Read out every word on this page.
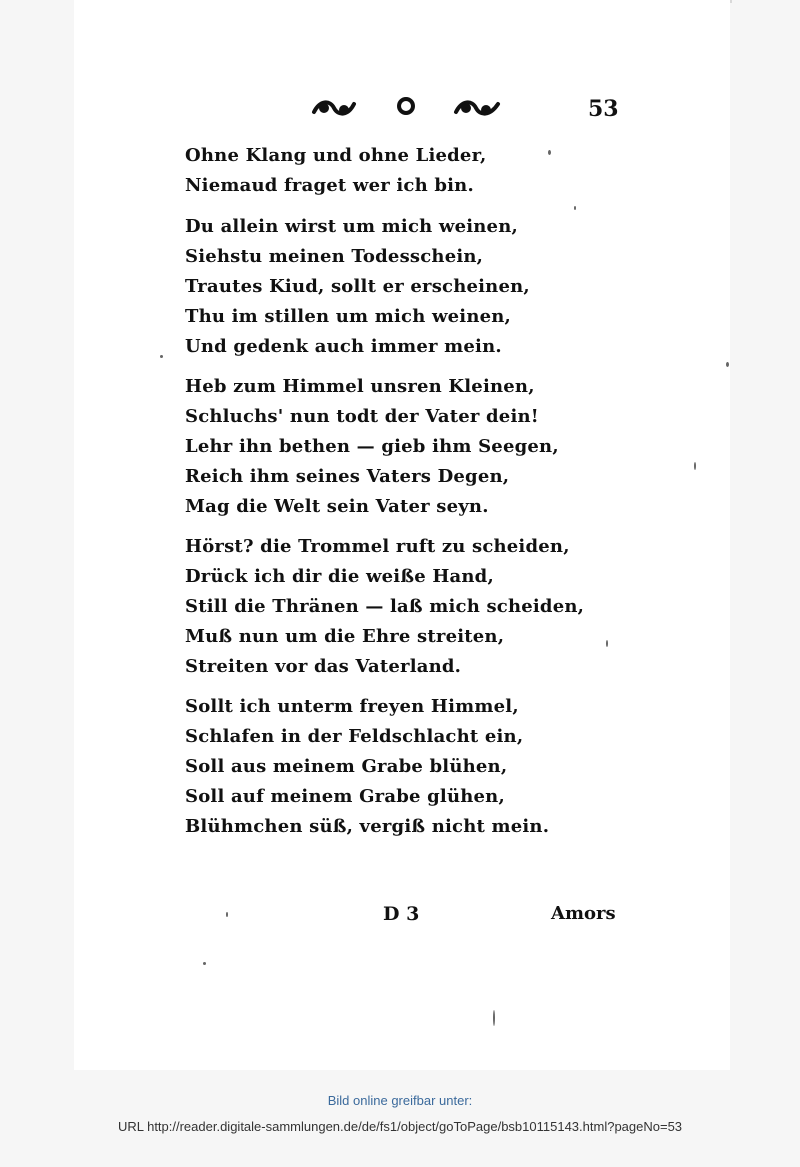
53
Ohne Klang und ohne Lieder,
Niemaud fraget wer ich bin.
Du allein wirst um mich weinen,
Siehstu meinen Todesschein,
Trautes Kiud, sollt er erscheinen,
Thu im stillen um mich weinen,
Und gedenk auch immer mein.
Heb zum Himmel unsren Kleinen,
Schluchs' nun todt der Vater dein!
Lehr ihn bethen — gieb ihm Seegen,
Reich ihm seines Vaters Degen,
Mag die Welt sein Vater seyn.
Hörst? die Trommel ruft zu scheiden,
Drück ich dir die weiße Hand,
Still die Thränen — laß mich scheiden,
Muß nun um die Ehre streiten,
Streiten vor das Vaterland.
Sollt ich unterm freyen Himmel,
Schlafen in der Feldschlacht ein,
Soll aus meinem Grabe blühen,
Soll auf meinem Grabe glühen,
Blühmchen süß, vergiß nicht mein.
D 3	Amors
Bild online greifbar unter:
URL http://reader.digitale-sammlungen.de/de/fs1/object/goToPage/bsb10115143.html?pageNo=53
